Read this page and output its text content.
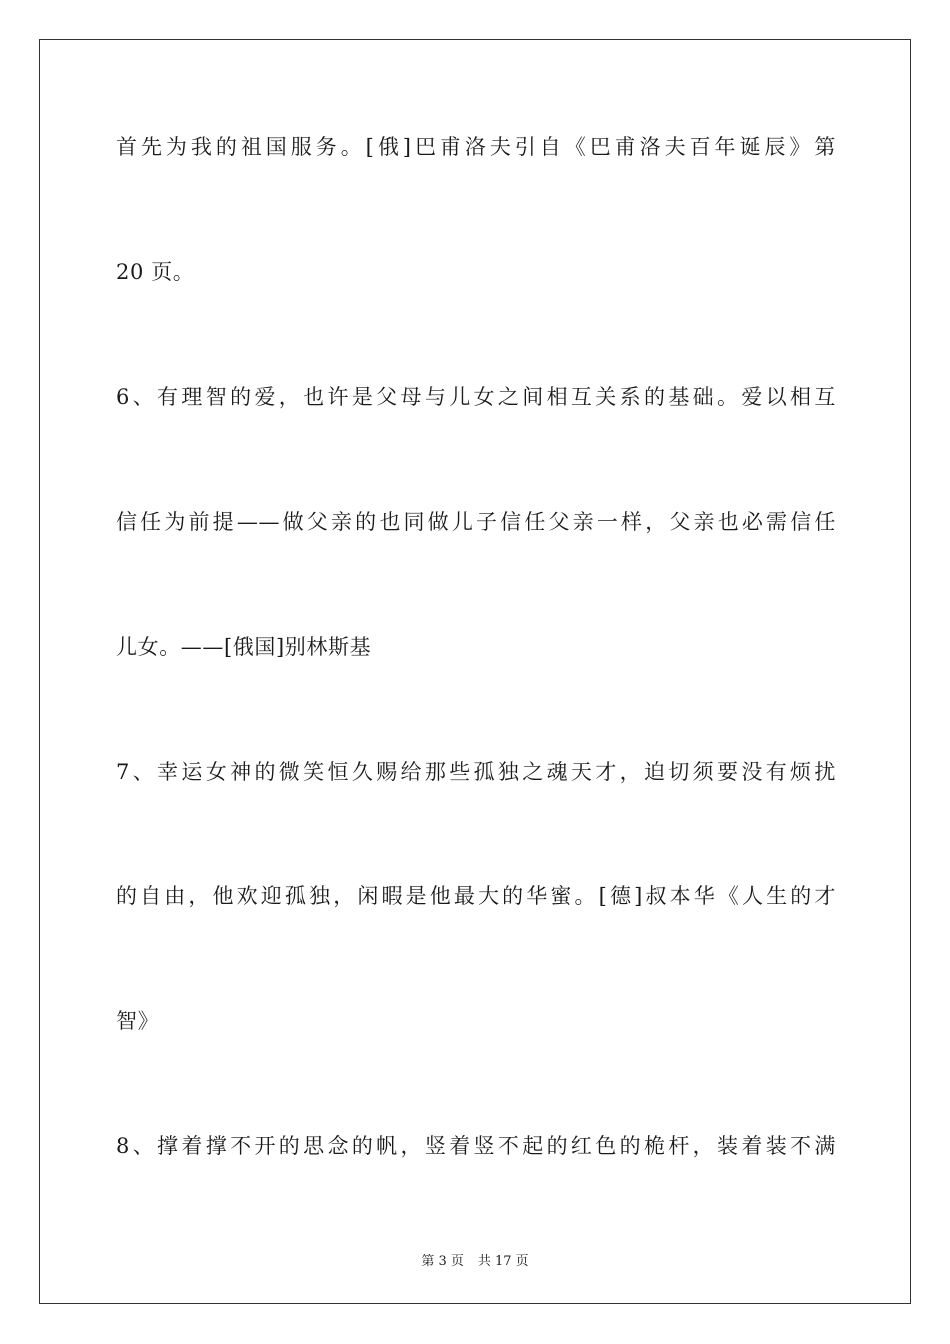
首先为我的祖国服务。[俄]巴甫洛夫引自《巴甫洛夫百年诞辰》第
20 页。
6、有理智的爱，也许是父母与儿女之间相互关系的基础。爱以相互
信任为前提——做父亲的也同做儿子信任父亲一样，父亲也必需信任
儿女。——[俄国]别林斯基
7、幸运女神的微笑恒久赐给那些孤独之魂天才，迫切须要没有烦扰
的自由，他欢迎孤独，闲暇是他最大的华蜜。[德]叔本华《人生的才
智》
8、撑着撑不开的思念的帆，竖着竖不起的红色的桅杆，装着装不满
第 3 页 共 17 页
